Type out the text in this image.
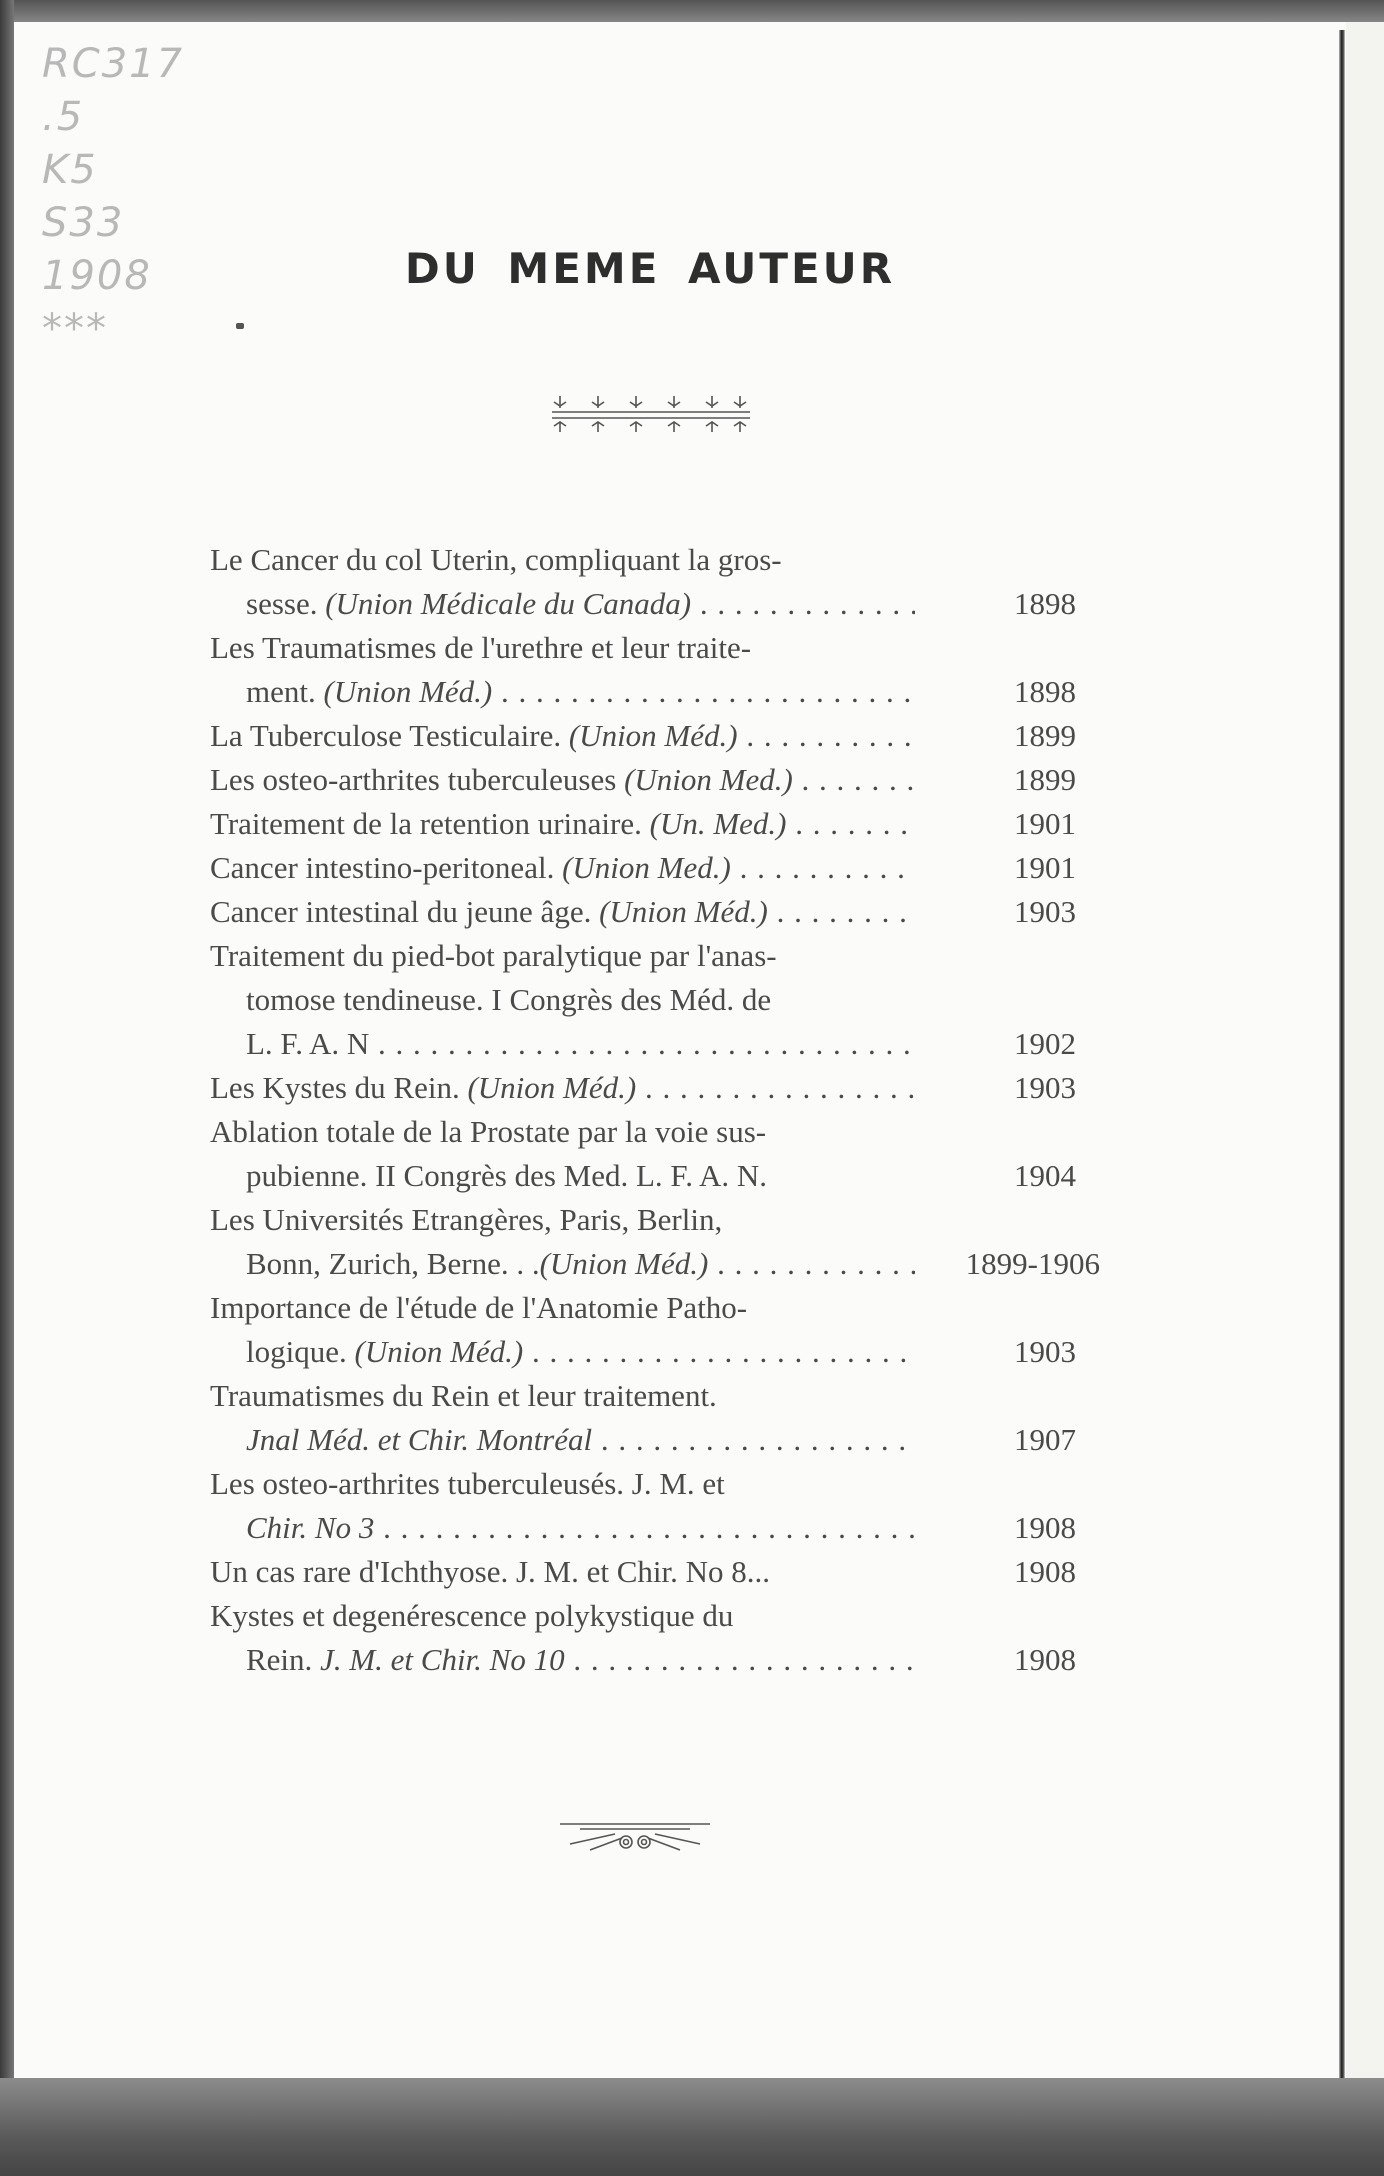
RC317
.5
K5
S33
1908
***
DU MEME AUTEUR
Le Cancer du col Uterin, compliquant la gros-
sesse. (Union Médicale du Canada) . . .	1898
Les Traumatismes de l'urethre et leur traite-
ment. (Union Méd.) . . .	1898
La Tuberculose Testiculaire. (Union Méd.) . . .	1899
Les osteo-arthrites tuberculeuses (Union Med.) . . .	1899
Traitement de la retention urinaire. (Un. Med.) . . .	1901
Cancer intestino-peritoneal. (Union Med.) . . .	1901
Cancer intestinal du jeune âge. (Union Méd.) . . .	1903
Traitement du pied-bot paralytique par l'anas-
tomose tendineuse. I Congrès des Méd. de
L. F. A. N . . .	1902
Les Kystes du Rein. (Union Méd.) . . .	1903
Ablation totale de la Prostate par la voie sus-
pubienne. II Congrès des Med. L. F. A. N.	1904
Les Universités Etrangères, Paris, Berlin,
Bonn, Zurich, Berne. . .(Union Méd.) . . .	1899-1906
Importance de l'étude de l'Anatomie Patho-
logique. (Union Méd.) . . .	1903
Traumatismes du Rein et leur traitement.
Jnal Méd. et Chir. Montréal . . .	1907
Les osteo-arthrites tuberculeusés. J. M. et
Chir. No 3 . . .	1908
Un cas rare d'Ichthyose. J. M. et Chir. No 8...	1908
Kystes et degenérescence polykystique du
Rein. J. M. et Chir. No 10 . . .	1908
